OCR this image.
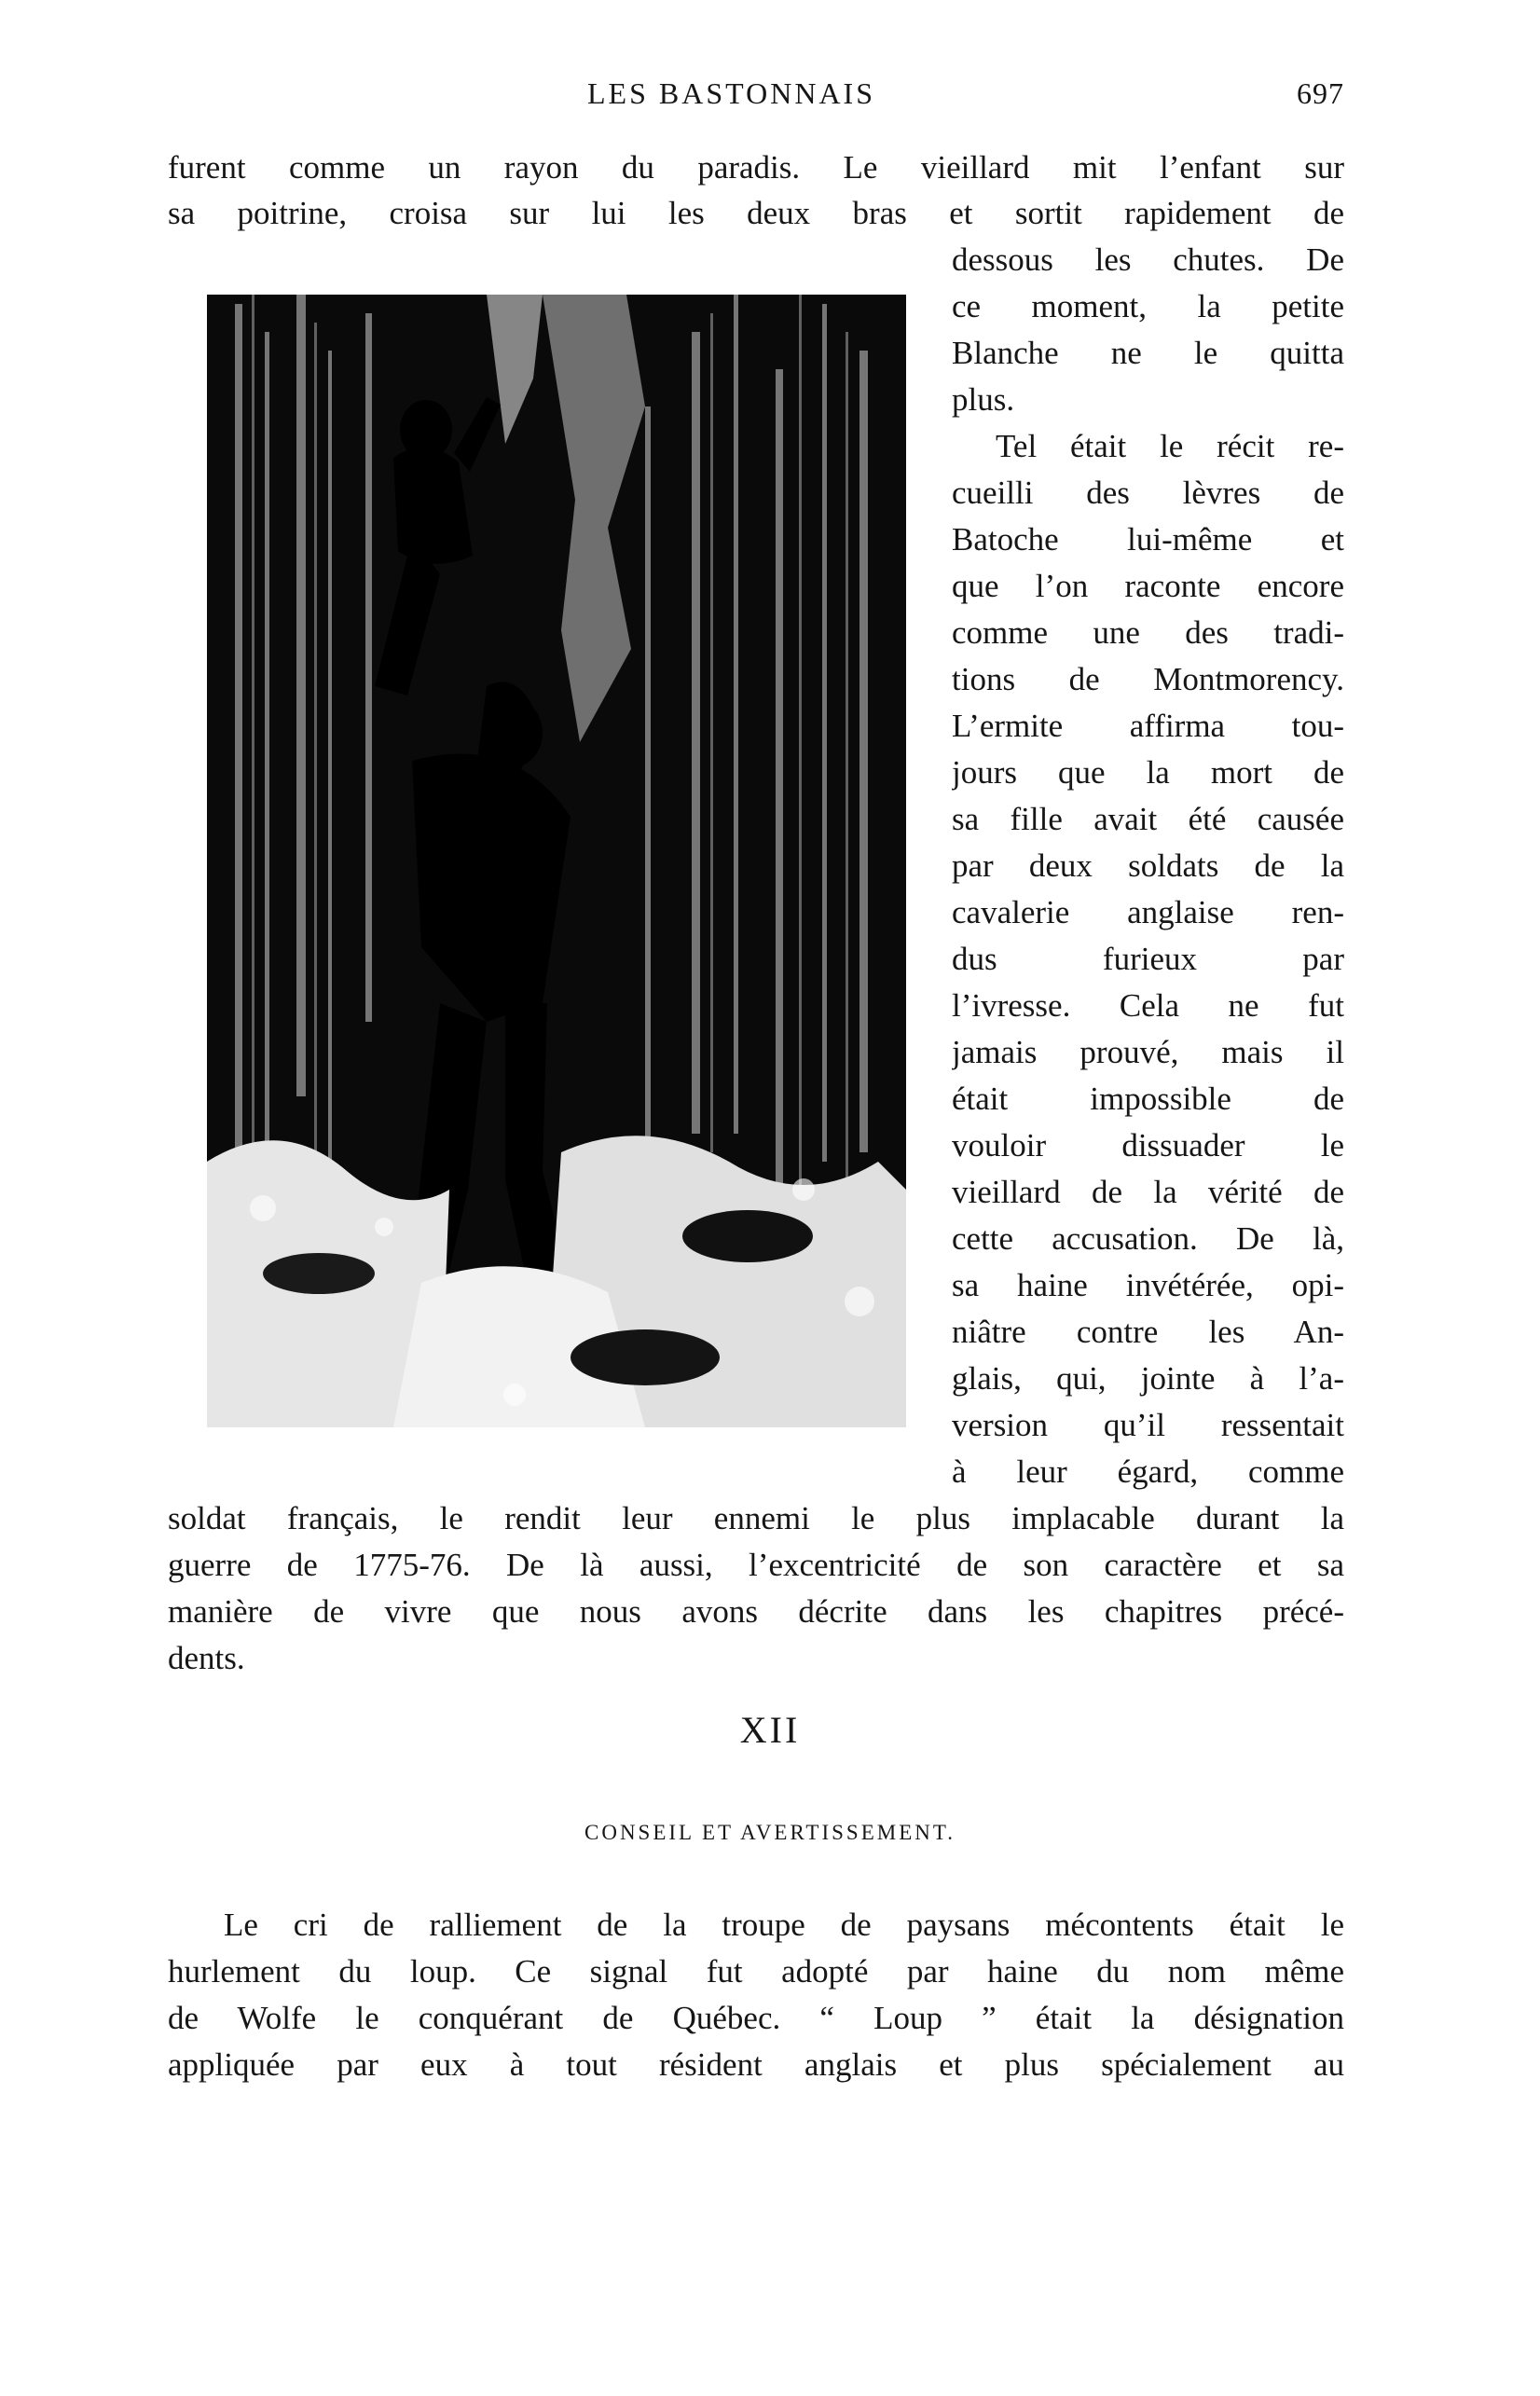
LES BASTONNAIS	697
furent comme un rayon du paradis. Le vieillard mit l’enfant sur
sa poitrine, croisa sur lui les deux bras et sortit rapidement de
dessous les chutes. De
ce moment, la petite
Blanche ne le quitta
plus.
Tel était le récit re-
cueilli des lèvres de
Batoche lui-même et
que l’on raconte encore
comme une des tradi-
tions de Montmorency.
L’ermite affirma tou-
jours que la mort de
sa fille avait été causée
par deux soldats de la
cavalerie anglaise ren-
dus furieux par
l’ivresse. Cela ne fut
jamais prouvé, mais il
était impossible de
vouloir dissuader le
vieillard de la vérité de
cette accusation. De là,
sa haine invétérée, opi-
niâtre contre les An-
glais, qui, jointe à l’a-
version qu’il ressentait
à leur égard, comme
soldat français, le rendit leur ennemi le plus implacable durant la
guerre de 1775-76. De là aussi, l’excentricité de son caractère et sa
manière de vivre que nous avons décrite dans les chapitres précé-
dents.
XII
CONSEIL ET AVERTISSEMENT.
Le cri de ralliement de la troupe de paysans mécontents était le
hurlement du loup. Ce signal fut adopté par haine du nom même
de Wolfe le conquérant de Québec. “ Loup ” était la désignation
appliquée par eux à tout résident anglais et plus spécialement au
